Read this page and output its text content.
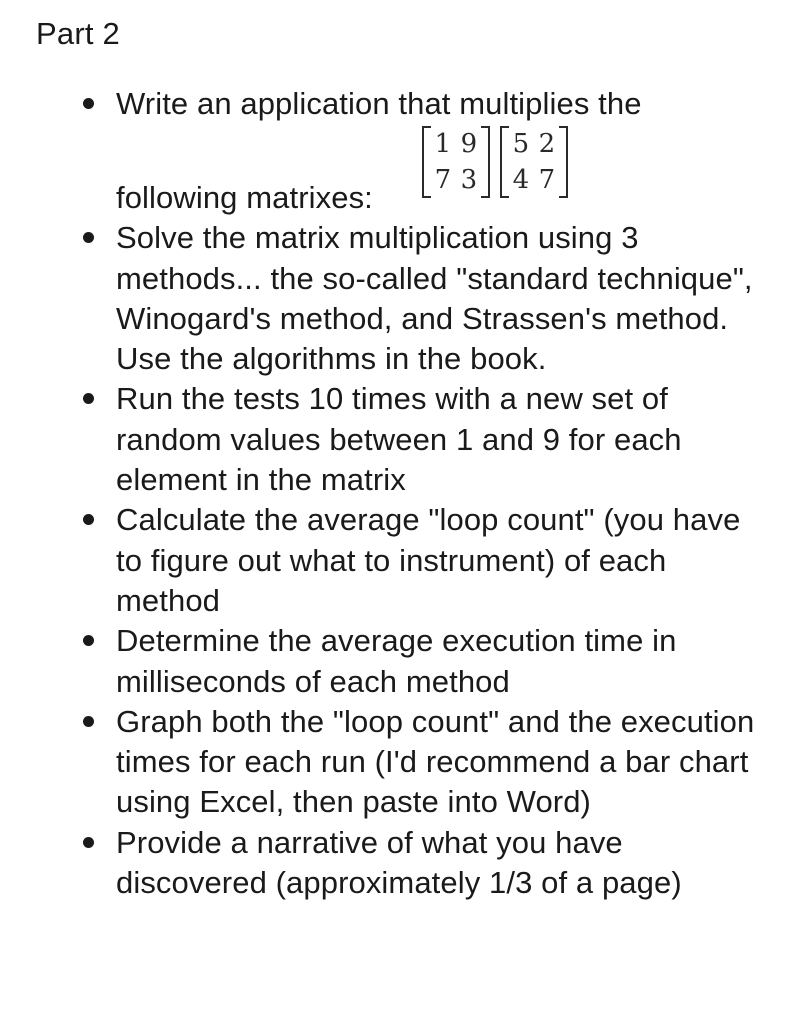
Part 2
Write an application that multiplies the
following matrixes:
1 9
7 3
5 2
4 7
Solve the matrix multiplication using 3 methods... the so-called "standard technique", Winogard's method, and Strassen's method. Use the algorithms in the book.
Run the tests 10 times with a new set of random values between 1 and 9 for each element in the matrix
Calculate the average "loop count" (you have to figure out what to instrument) of each method
Determine the average execution time in milliseconds of each method
Graph both the "loop count" and the execution times for each run (I'd recommend a bar chart using Excel, then paste into Word)
Provide a narrative of what you have discovered (approximately 1/3 of a page)
